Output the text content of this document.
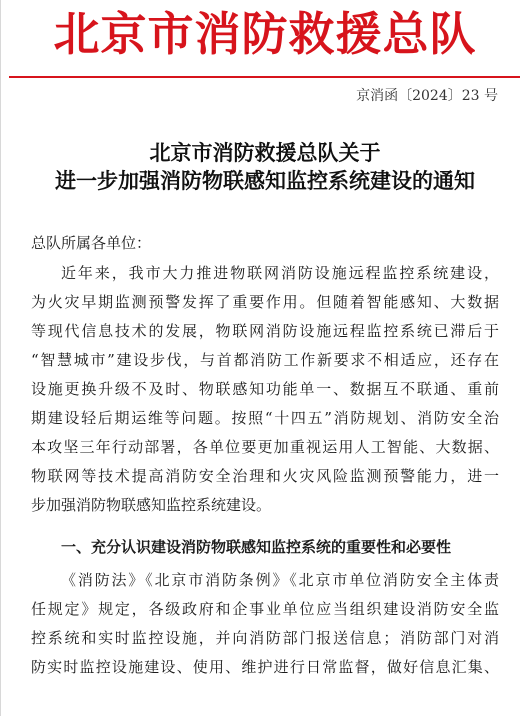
北京市消防救援总队
京消函〔2024〕23 号
北京市消防救援总队关于
进一步加强消防物联感知监控系统建设的通知
总队所属各单位：
近年来，我市大力推进物联网消防设施远程监控系统建设，
为火灾早期监测预警发挥了重要作用。但随着智能感知、大数据
等现代信息技术的发展，物联网消防设施远程监控系统已滞后于
“智慧城市”建设步伐，与首都消防工作新要求不相适应，还存在
设施更换升级不及时、物联感知功能单一、数据互不联通、重前
期建设轻后期运维等问题。按照“十四五”消防规划、消防安全治
本攻坚三年行动部署，各单位要更加重视运用人工智能、大数据、
物联网等技术提高消防安全治理和火灾风险监测预警能力，进一
步加强消防物联感知监控系统建设。
一、充分认识建设消防物联感知监控系统的重要性和必要性
《消防法》《北京市消防条例》《北京市单位消防安全主体责
任规定》规定，各级政府和企事业单位应当组织建设消防安全监
控系统和实时监控设施，并向消防部门报送信息；消防部门对消
防实时监控设施建设、使用、维护进行日常监督，做好信息汇集、
